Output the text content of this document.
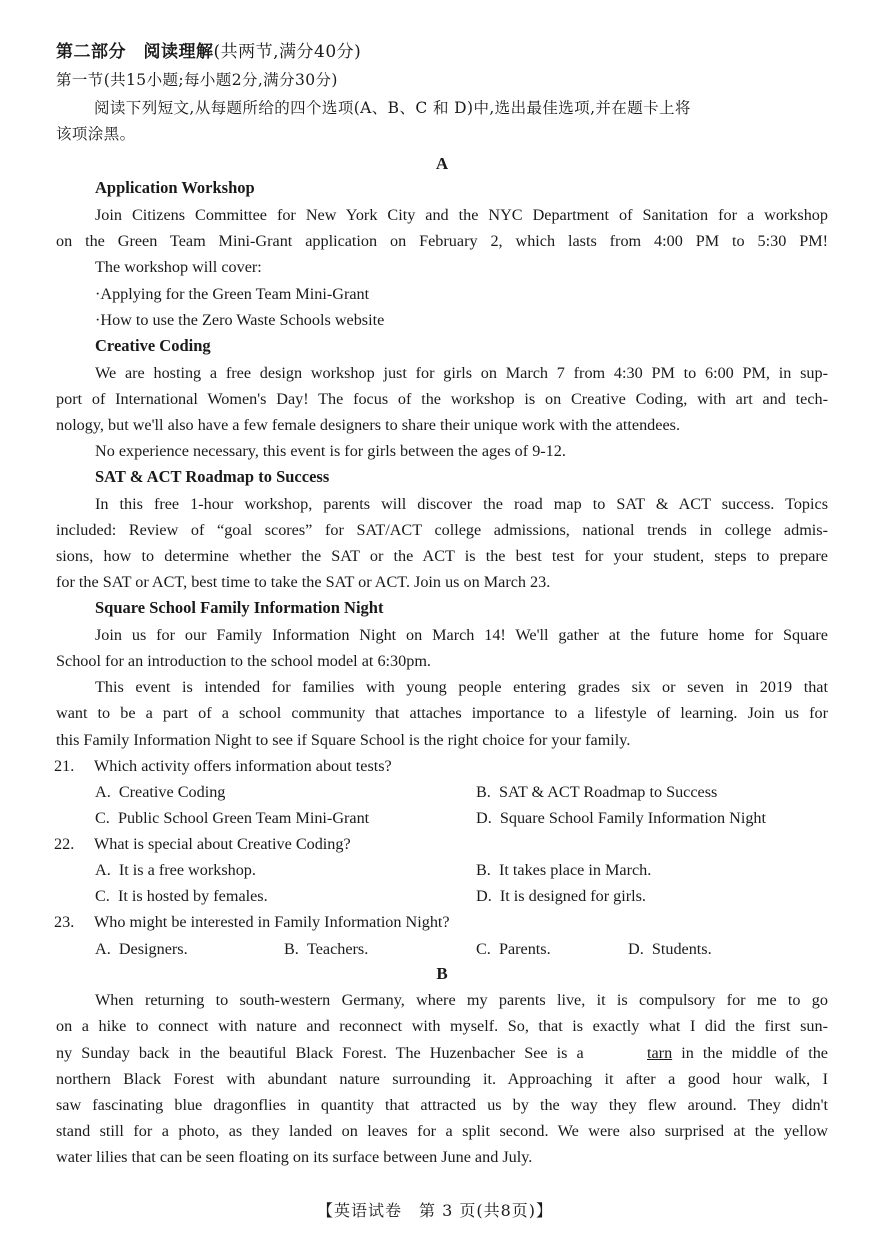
第二部分　阅读理解(共两节,满分40分)
第一节(共15小题;每小题2分,满分30分)
阅读下列短文,从每题所给的四个选项(A、B、C 和 D)中,选出最佳选项,并在题卡上将
该项涂黑。
A
Application Workshop
Join Citizens Committee for New York City and the NYC Department of Sanitation for a workshop
on the Green Team Mini-Grant application on February 2, which lasts from 4:00 PM to 5:30 PM!
The workshop will cover:
·Applying for the Green Team Mini-Grant
·How to use the Zero Waste Schools website
Creative Coding
We are hosting a free design workshop just for girls on March 7 from 4:30 PM to 6:00 PM, in sup-
port of International Women's Day! The focus of the workshop is on Creative Coding, with art and tech-
nology, but we'll also have a few female designers to share their unique work with the attendees.
No experience necessary, this event is for girls between the ages of 9-12.
SAT & ACT Roadmap to Success
In this free 1-hour workshop, parents will discover the road map to SAT & ACT success. Topics
included: Review of “goal scores” for SAT/ACT college admissions, national trends in college admis-
sions, how to determine whether the SAT or the ACT is the best test for your student, steps to prepare
for the SAT or ACT, best time to take the SAT or ACT. Join us on March 23.
Square School Family Information Night
Join us for our Family Information Night on March 14! We'll gather at the future home for Square
School for an introduction to the school model at 6:30pm.
This event is intended for families with young people entering grades six or seven in 2019 that
want to be a part of a school community that attaches importance to a lifestyle of learning. Join us for
this Family Information Night to see if Square School is the right choice for your family.
21. Which activity offers information about tests?
A. Creative Coding	B. SAT & ACT Roadmap to Success
C. Public School Green Team Mini-Grant	D. Square School Family Information Night
22. What is special about Creative Coding?
A. It is a free workshop.	B. It takes place in March.
C. It is hosted by females.	D. It is designed for girls.
23. Who might be interested in Family Information Night?
A. Designers.	B. Teachers.	C. Parents.	D. Students.
B
When returning to south-western Germany, where my parents live, it is compulsory for me to go
on a hike to connect with nature and reconnect with myself. So, that is exactly what I did the first sun-
ny Sunday back in the beautiful Black Forest. The Huzenbacher See is a	tarn in the middle of the
northern Black Forest with abundant nature surrounding it. Approaching it after a good hour walk, I
saw fascinating blue dragonflies in quantity that attracted us by the way they flew around. They didn't
stand still for a photo, as they landed on leaves for a split second. We were also surprised at the yellow
water lilies that can be seen floating on its surface between June and July.
【英语试卷　第 3 页(共8页)】
